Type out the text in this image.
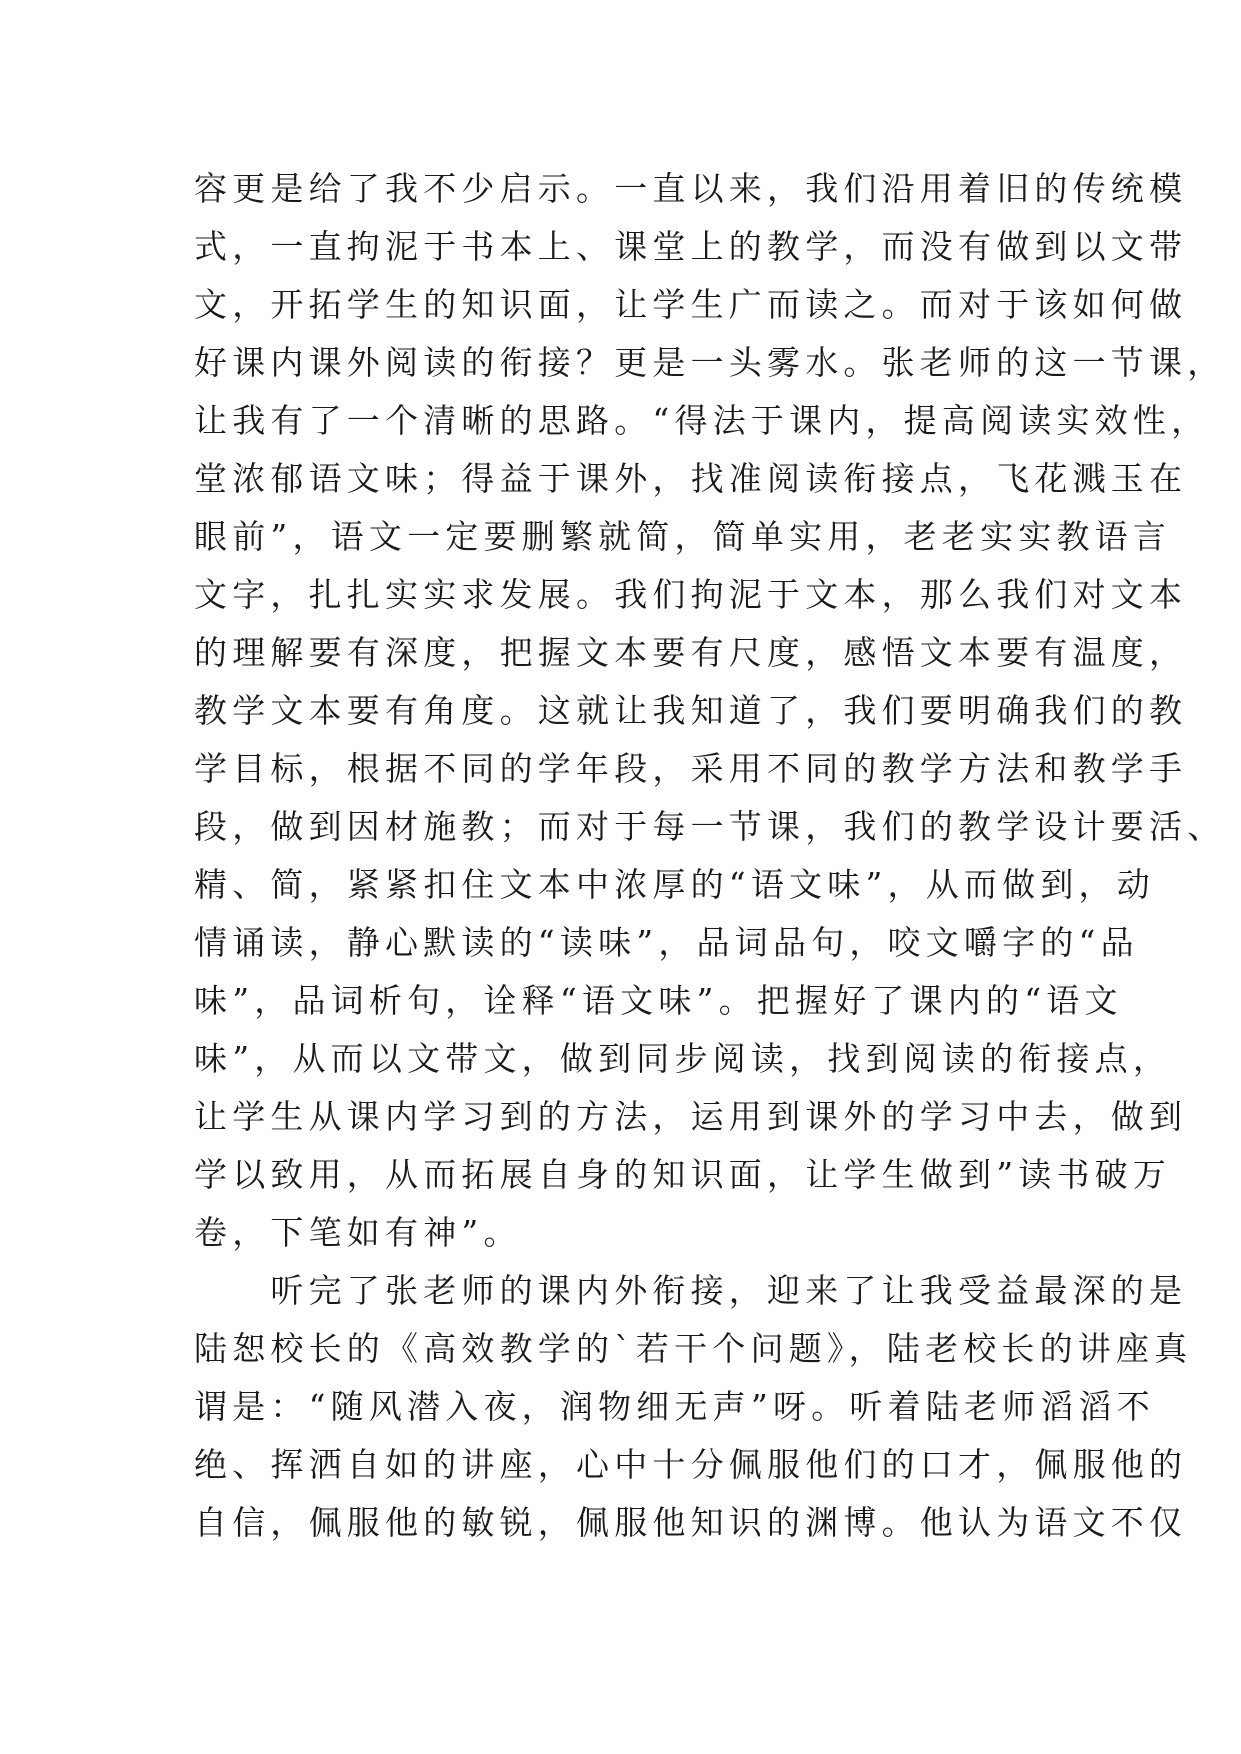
容更是给了我不少启示。一直以来，我们沿用着旧的传统模
式，一直拘泥于书本上、课堂上的教学，而没有做到以文带
文，开拓学生的知识面，让学生广而读之。而对于该如何做
好课内课外阅读的衔接？更是一头雾水。张老师的这一节课，
让我有了一个清晰的思路。“得法于课内，提高阅读实效性，
堂浓郁语文味；得益于课外，找准阅读衔接点，飞花溅玉在
眼前”，语文一定要删繁就简，简单实用，老老实实教语言
文字，扎扎实实求发展。我们拘泥于文本，那么我们对文本
的理解要有深度，把握文本要有尺度，感悟文本要有温度，
教学文本要有角度。这就让我知道了，我们要明确我们的教
学目标，根据不同的学年段，采用不同的教学方法和教学手
段，做到因材施教；而对于每一节课，我们的教学设计要活、
精、简，紧紧扣住文本中浓厚的“语文味”，从而做到，动
情诵读，静心默读的“读味”，品词品句，咬文嚼字的“品
味”，品词析句，诠释“语文味”。把握好了课内的“语文
味”，从而以文带文，做到同步阅读，找到阅读的衔接点，
让学生从课内学习到的方法，运用到课外的学习中去，做到
学以致用，从而拓展自身的知识面，让学生做到”读书破万
卷，下笔如有神”。
　　听完了张老师的课内外衔接，迎来了让我受益最深的是
陆恕校长的《高效教学的`若干个问题》，陆老校长的讲座真
谓是：“随风潜入夜，润物细无声”呀。听着陆老师滔滔不
绝、挥洒自如的讲座，心中十分佩服他们的口才，佩服他的
自信，佩服他的敏锐，佩服他知识的渊博。他认为语文不仅
